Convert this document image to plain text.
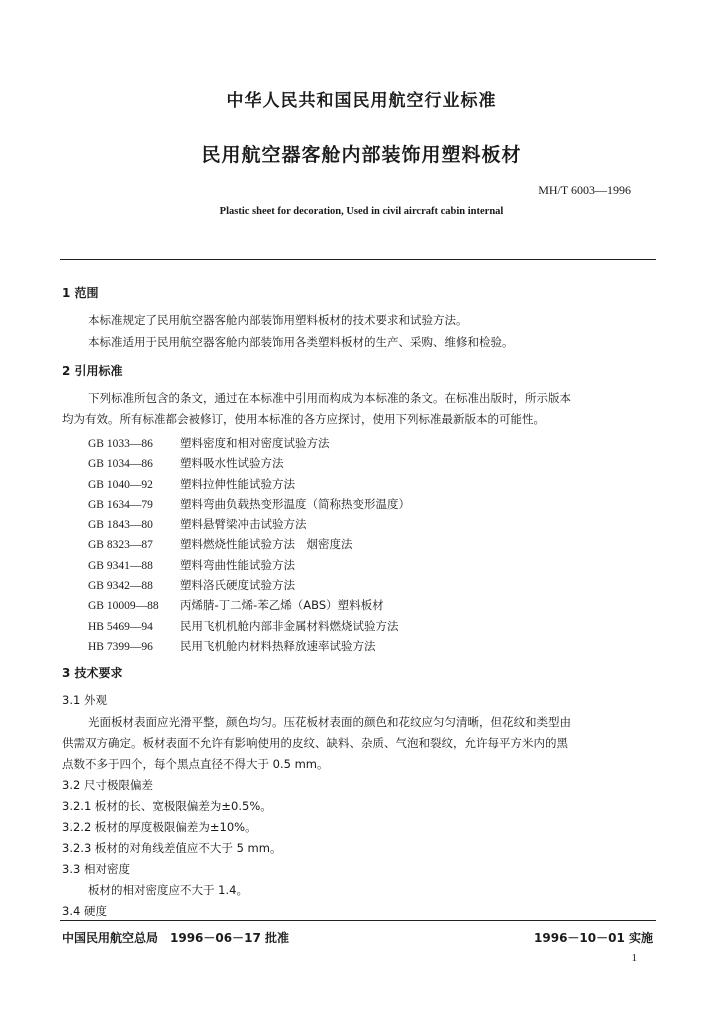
中华人民共和国民用航空行业标准
民用航空器客舱内部装饰用塑料板材
MH/T 6003—1996
Plastic sheet for decoration, Used in civil aircraft cabin internal
1 范围
本标准规定了民用航空器客舱内部装饰用塑料板材的技术要求和试验方法。
本标准适用于民用航空器客舱内部装饰用各类塑料板材的生产、采购、维修和检验。
2 引用标准
下列标准所包含的条文，通过在本标准中引用而构成为本标准的条文。在标准出版时，所示版本
均为有效。所有标准都会被修订，使用本标准的各方应探讨，使用下列标准最新版本的可能性。
GB 1033—86 塑料密度和相对密度试验方法
GB 1034—86 塑料吸水性试验方法
GB 1040—92 塑料拉伸性能试验方法
GB 1634—79 塑料弯曲负载热变形温度（简称热变形温度）
GB 1843—80 塑料悬臂梁冲击试验方法
GB 8323—87 塑料燃烧性能试验方法　烟密度法
GB 9341—88 塑料弯曲性能试验方法
GB 9342—88 塑料洛氏硬度试验方法
GB 10009—88 丙烯腈-丁二烯-苯乙烯（ABS）塑料板材
HB 5469—94 民用飞机机舱内部非金属材料燃烧试验方法
HB 7399—96 民用飞机舱内材料热释放速率试验方法
3 技术要求
3.1 外观
光面板材表面应光滑平整，颜色均匀。压花板材表面的颜色和花纹应匀匀清晰，但花纹和类型由
供需双方确定。板材表面不允许有影响使用的皮纹、缺料、杂质、气泡和裂纹，允许每平方米内的黑
点数不多于四个，每个黑点直径不得大于 0.5 mm。
3.2 尺寸极限偏差
3.2.1 板材的长、宽极限偏差为±0.5%。
3.2.2 板材的厚度极限偏差为±10%。
3.2.3 板材的对角线差值应不大于 5 mm。
3.3 相对密度
板材的相对密度应不大于 1.4。
3.4 硬度
中国民用航空总局　1996－06－17 批准	1996－10－01 实施
1
